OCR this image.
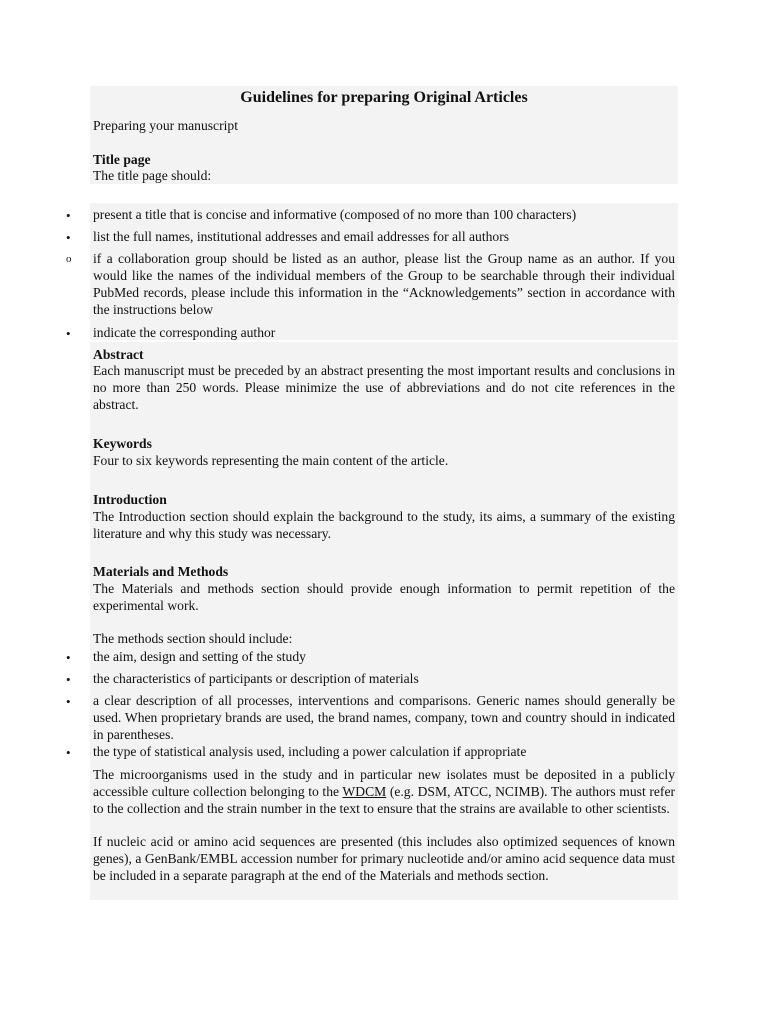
Guidelines for preparing Original Articles

Preparing your manuscript

Title page

The title page should:

• present a title that is concise and informative (composed of no more than 100 characters)

• list the full names, institutional addresses and email addresses for all authors

o if a collaboration group should be listed as an author, please list the Group name as an author. If you would like the names of the individual members of the Group to be searchable through their individual PubMed records, please include this information in the “Acknowledgements” section in accordance with the instructions below

• indicate the corresponding author

Abstract

Each manuscript must be preceded by an abstract presenting the most important results and conclusions in no more than 250 words. Please minimize the use of abbreviations and do not cite references in the abstract.

Keywords

Four to six keywords representing the main content of the article.

Introduction

The Introduction section should explain the background to the study, its aims, a summary of the existing literature and why this study was necessary.

Materials and Methods

The Materials and methods section should provide enough information to permit repetition of the experimental work.

The methods section should include:

• the aim, design and setting of the study

• the characteristics of participants or description of materials

• a clear description of all processes, interventions and comparisons. Generic names should generally be used. When proprietary brands are used, the brand names, company, town and country should in indicated in parentheses.

• the type of statistical analysis used, including a power calculation if appropriate

The microorganisms used in the study and in particular new isolates must be deposited in a publicly accessible culture collection belonging to the WDCM (e.g. DSM, ATCC, NCIMB). The authors must refer to the collection and the strain number in the text to ensure that the strains are available to other scientists.

If nucleic acid or amino acid sequences are presented (this includes also optimized sequences of known genes), a GenBank/EMBL accession number for primary nucleotide and/or amino acid sequence data must be included in a separate paragraph at the end of the Materials and methods section.
